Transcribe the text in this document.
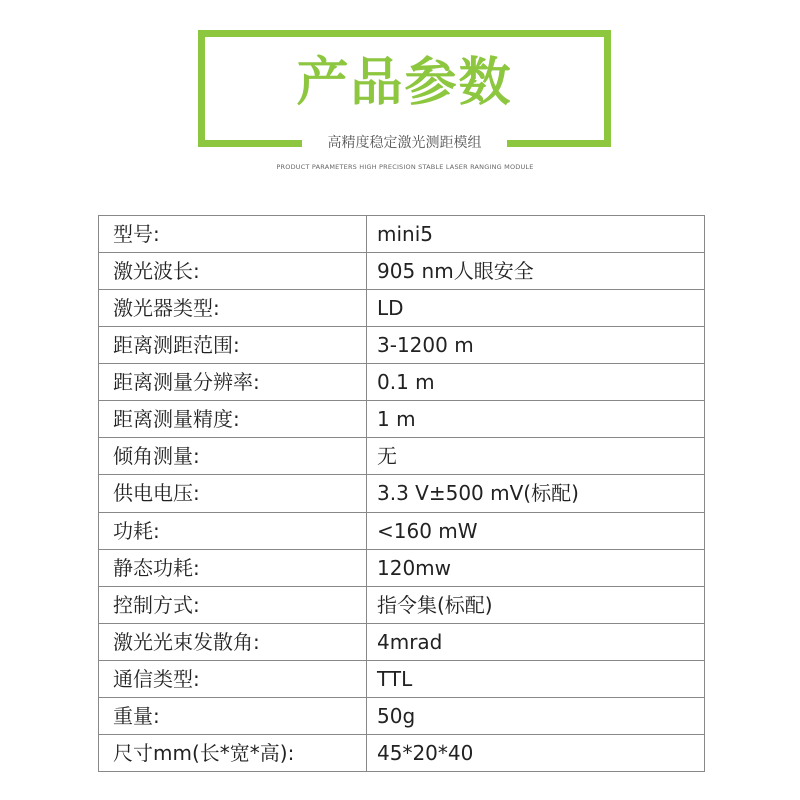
产品参数
高精度稳定激光测距模组
PRODUCT PARAMETERS HIGH PRECISION STABLE LASER RANGING MODULE
型号:	mini5
激光波长:	905 nm人眼安全
激光器类型:	LD
距离测距范围:	3-1200 m
距离测量分辨率:	0.1 m
距离测量精度:	1 m
倾角测量:	无
供电电压:	3.3 V±500 mV(标配)
功耗:	<160 mW
静态功耗:	120mw
控制方式:	指令集(标配)
激光光束发散角:	4mrad
通信类型:	TTL
重量:	50g
尺寸mm(长*宽*高):	45*20*40
